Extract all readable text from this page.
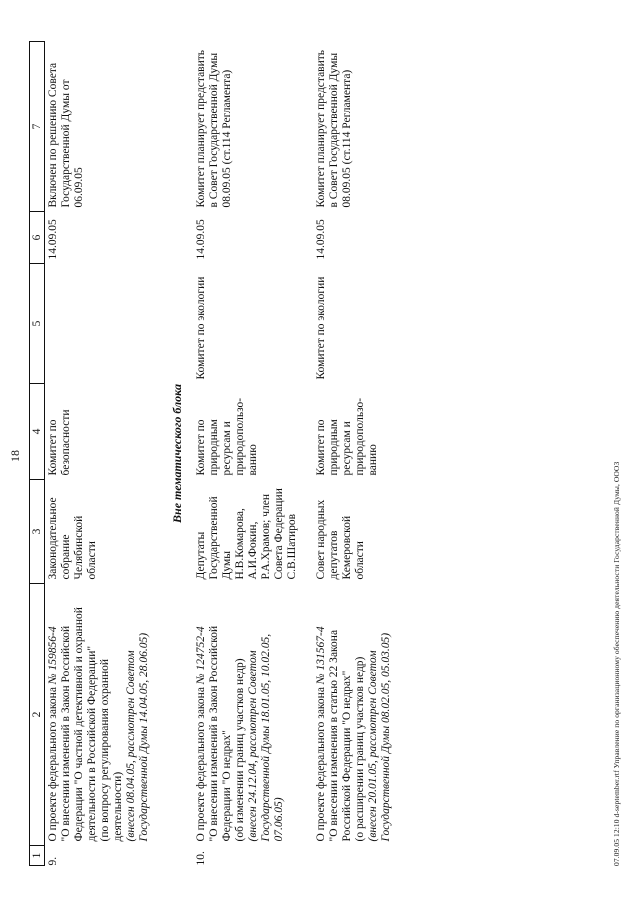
18
1	2	3	4	5	6	7
9.	О проекте федерального закона № 159856-4 "О внесении изменений в Закон Российской Федерации "О частной детективной и охранной деятельности в Российской Федерации" (по вопросу регулирования охранной деятельности) (внесен 08.04.05, рассмотрен Советом Государственной Думы 14.04.05, 28.06.05)	Законодательное собрание Челябинской области	Комитет по безопасности		14.09.05	Включен по решению Совета Государственной Думы от 06.09.05
Вне тематического блока						
10.	О проекте федерального закона № 124752-4 "О внесении изменений в Закон Российской Федерации "О недрах" (об изменении границ участков недр) (внесен 24.12.04, рассмотрен Советом Государственной Думы 18.01.05, 10.02.05, 07.06.05)	Депутаты Государственной Думы Н.В.Комарова, А.И.Фокин, Р.А.Храмов; член Совета Федерации С.В.Шатиров	Комитет по природным ресурсам и природопользо-ванию	Комитет по экологии	14.09.05	Комитет планирует представить в Совет Государственной Думы 08.09.05 (ст.114 Регламента)
	О проекте федерального закона № 131567-4 "О внесении изменения в статью 22 Закона Российской Федерации "О недрах" (о расширении границ участков недр) (внесен 20.01.05, рассмотрен Советом Государственной Думы 08.02.05, 05.03.05)	Совет народных депутатов Кемеровской области	Комитет по природным ресурсам и природопользо-ванию	Комитет по экологии	14.09.05	Комитет планирует представить в Совет Государственной Думы 08.09.05 (ст.114 Регламента)
07.09.05 12:10 d-september.rtf Управление по организационному обеспечению деятельности Государственной Думы, ООО3
